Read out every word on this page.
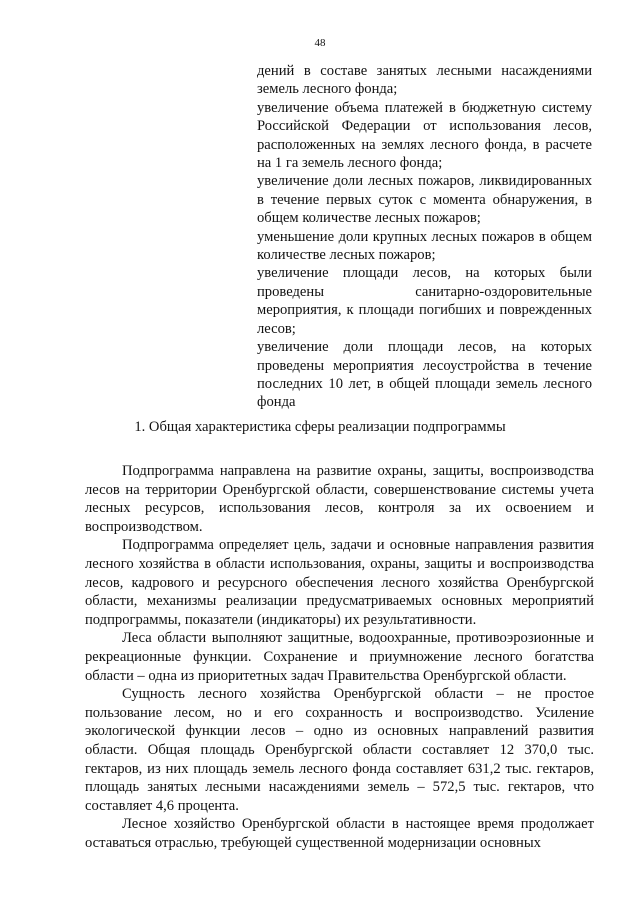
48

дений в составе занятых лесными насаждениями земель лесного фонда;

увеличение объема платежей в бюджетную систему Российской Федерации от использования лесов, расположенных на землях лесного фонда, в расчете на 1 га земель лесного фонда;

увеличение доли лесных пожаров, ликвидированных в течение первых суток с момента обнаружения, в общем количестве лесных пожаров;

уменьшение доли крупных лесных пожаров в общем количестве лесных пожаров;

увеличение площади лесов, на которых были проведены санитарно-оздоровительные мероприятия, к площади погибших и поврежденных лесов;

увеличение доли площади лесов, на которых проведены мероприятия лесоустройства в течение последних 10 лет, в общей площади земель лесного фонда

1. Общая характеристика сферы реализации подпрограммы

Подпрограмма направлена на развитие охраны, защиты, воспроизводства лесов на территории Оренбургской области, совершенствование системы учета лесных ресурсов, использования лесов, контроля за их освоением и воспроизводством.

Подпрограмма определяет цель, задачи и основные направления развития лесного хозяйства в области использования, охраны, защиты и воспроизводства лесов, кадрового и ресурсного обеспечения лесного хозяйства Оренбургской области, механизмы реализации предусматриваемых основных мероприятий подпрограммы, показатели (индикаторы) их результативности.

Леса области выполняют защитные, водоохранные, противоэрозионные и рекреационные функции. Сохранение и приумножение лесного богатства области – одна из приоритетных задач Правительства Оренбургской области.

Сущность лесного хозяйства Оренбургской области – не простое пользование лесом, но и его сохранность и воспроизводство. Усиление экологической функции лесов – одно из основных направлений развития области. Общая площадь Оренбургской области составляет 12 370,0 тыс. гектаров, из них площадь земель лесного фонда составляет 631,2 тыс. гектаров, площадь занятых лесными насаждениями земель – 572,5 тыс. гектаров, что составляет 4,6 процента.

Лесное хозяйство Оренбургской области в настоящее время продолжает оставаться отраслью, требующей существенной модернизации основных
